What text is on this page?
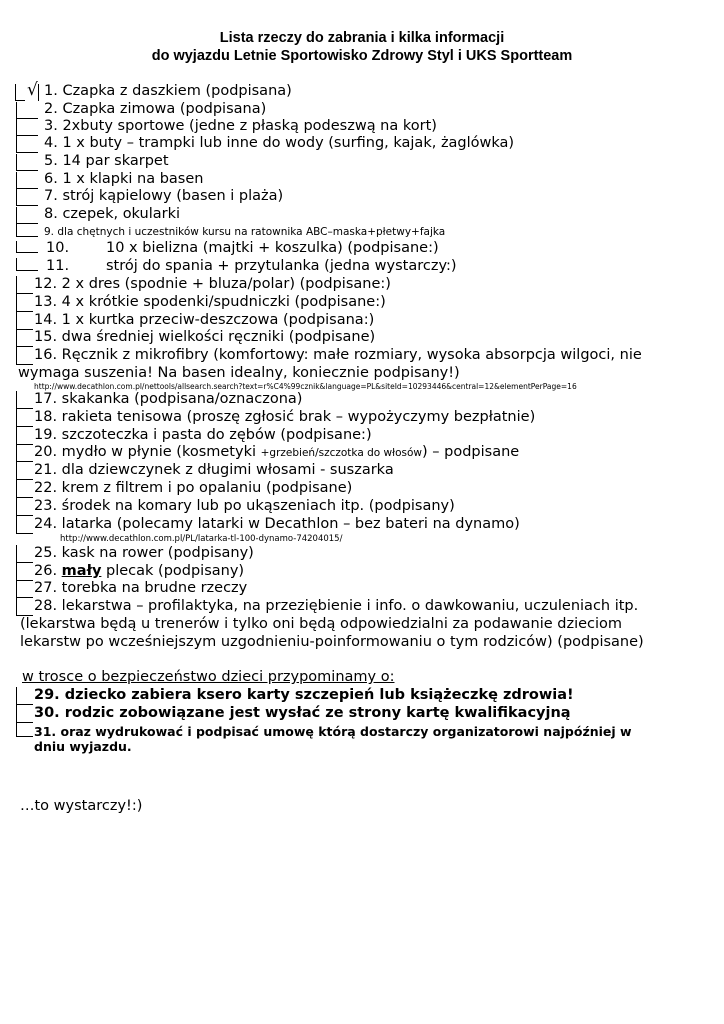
Lista rzeczy do zabrania i kilka informacji
do wyjazdu Letnie Sportowisko Zdrowy Styl i UKS Sportteam
√ 1. Czapka z daszkiem (podpisana)
2. Czapka zimowa (podpisana)
3. 2xbuty sportowe (jedne z płaską podeszwą na kort)
4. 1 x buty – trampki lub inne do wody (surfing, kajak, żaglówka)
5. 14 par skarpet
6. 1 x klapki na basen
7. strój kąpielowy (basen i plaża)
8. czepek, okularki
9. dla chętnych i uczestników kursu na ratownika ABC–maska+płetwy+fajka
10.	10 x bielizna (majtki + koszulka) (podpisane:)
11.	strój do spania + przytulanka (jedna wystarczy:)
12. 2 x dres (spodnie + bluza/polar) (podpisane:)
13. 4 x krótkie spodenki/spudniczki (podpisane:)
14. 1 x kurtka przeciw-deszczowa (podpisana:)
15. dwa średniej wielkości ręczniki (podpisane)
16. Ręcznik z mikrofibry (komfortowy: małe rozmiary, wysoka absorpcja wilgoci, nie
wymaga suszenia! Na basen idealny, koniecznie podpisany!)
http://www.decathlon.com.pl/nettools/allsearch.search?text=r%C4%99cznik&language=PL&siteId=10293446&central=12&elementPerPage=16
17. skakanka (podpisana/oznaczona)
18. rakieta tenisowa (proszę zgłosić brak – wypożyczymy bezpłatnie)
19. szczoteczka i pasta do zębów (podpisane:)
20. mydło w płynie (kosmetyki +grzebień/szczotka do włosów) – podpisane
21. dla dziewczynek z długimi włosami - suszarka
22. krem z filtrem i po opalaniu (podpisane)
23. środek na komary lub po ukąszeniach itp. (podpisany)
24. latarka (polecamy latarki w Decathlon – bez bateri na dynamo)
http://www.decathlon.com.pl/PL/latarka-tl-100-dynamo-74204015/
25. kask na rower (podpisany)
26. mały plecak (podpisany)
27. torebka na brudne rzeczy
28. lekarstwa – profilaktyka, na przeziębienie i info. o dawkowaniu, uczuleniach itp.
(lekarstwa będą u trenerów i tylko oni będą odpowiedzialni za podawanie dzieciom
lekarstw po wcześniejszym uzgodnieniu-poinformowaniu o tym rodziców) (podpisane)
w trosce o bezpieczeństwo dzieci przypominamy o:
29. dziecko zabiera ksero karty szczepień lub książeczkę zdrowia!
30. rodzic zobowiązane jest wysłać ze strony kartę kwalifikacyjną
31. oraz wydrukować i podpisać umowę którą dostarczy organizatorowi najpóźniej w
dniu wyjazdu.
…to wystarczy!:)
